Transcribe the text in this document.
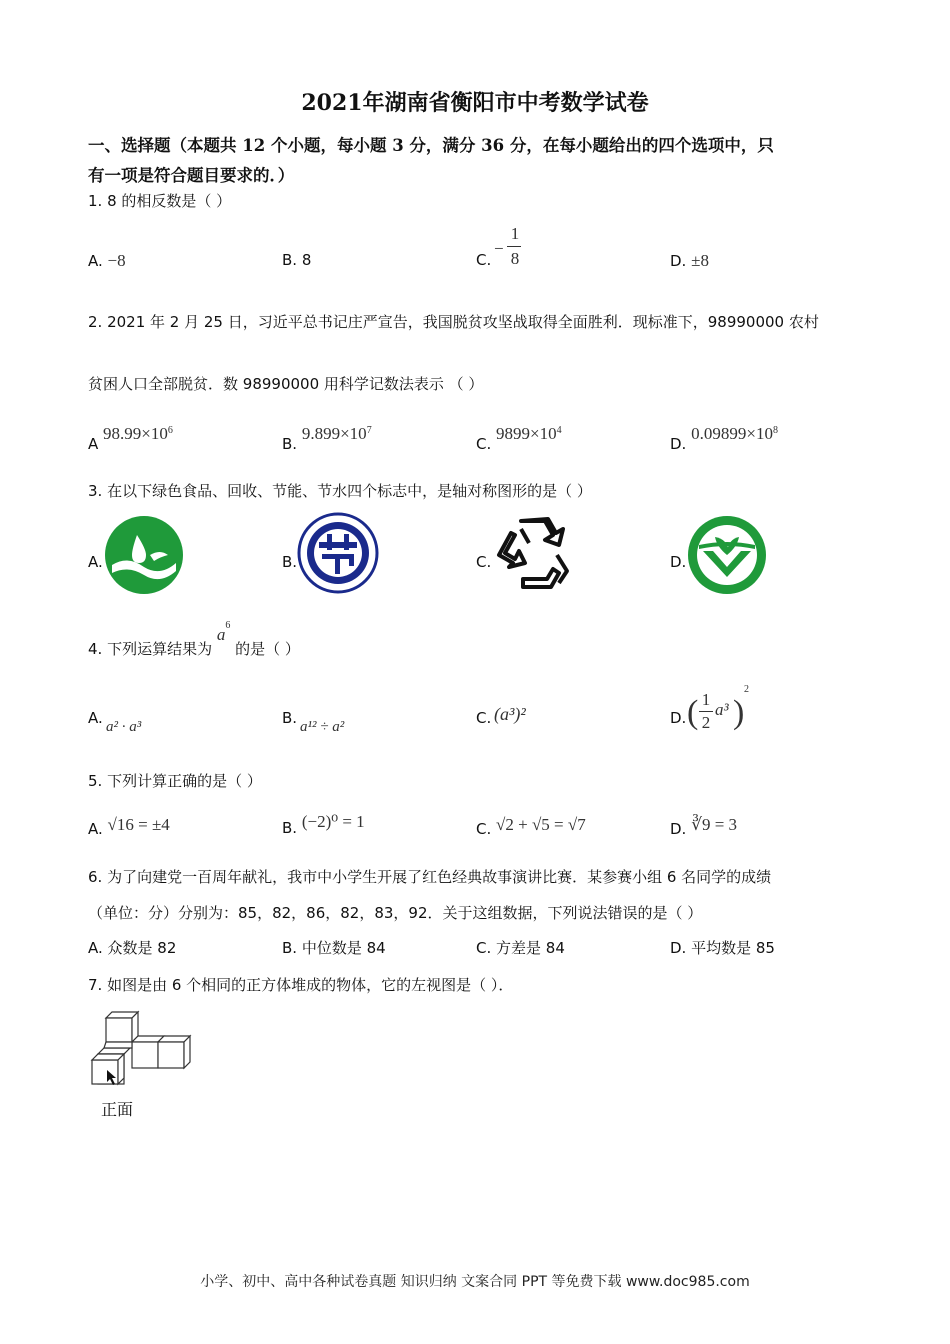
2021年湖南省衡阳市中考数学试卷
一、选择题（本题共 12 个小题，每小题 3 分，满分 36 分，在每小题给出的四个选项中，只
有一项是符合题目要求的．）
1. 8 的相反数是（ ）
A. −8	B. 8	C.
−
1
8	D. ±8
2. 2021 年 2 月 25 日，习近平总书记庄严宣告，我国脱贫攻坚战取得全面胜利．现标准下，98990000 农村
贫困人口全部脱贫．数 98990000 用科学记数法表示 （ ）
A $98.99\times 10^6$
B. $9.899\times 10^7$
C. $9899\times 10^4$
D. $0.09899\times 10^8$
3. 在以下绿色食品、回收、节能、节水四个标志中，是轴对称图形的是（ ）
A.	B.	C.	D.
4. 下列运算结果为 $a^6$ 的是（ ）
A. a² · a³	B. a¹² ÷ a²	C. (a³)²	D. ( 1
2
a³ )
2
5. 下列计算正确的是（ ）
A. √16 = ±4	B. (−2)⁰ = 1	C. √2 + √5 = √7	D. ∛9 = 3
6. 为了向建党一百周年献礼，我市中小学生开展了红色经典故事演讲比赛．某参赛小组 6 名同学的成绩
（单位：分）分别为：85，82，86，82，83，92．关于这组数据，下列说法错误的是（ ）
A. 众数是 82	B. 中位数是 84	C. 方差是 84	D. 平均数是 85
7. 如图是由 6 个相同的正方体堆成的物体，它的左视图是（ ）．
正面
小学、初中、高中各种试卷真题 知识归纳 文案合同 PPT 等免费下载 www.doc985.com
